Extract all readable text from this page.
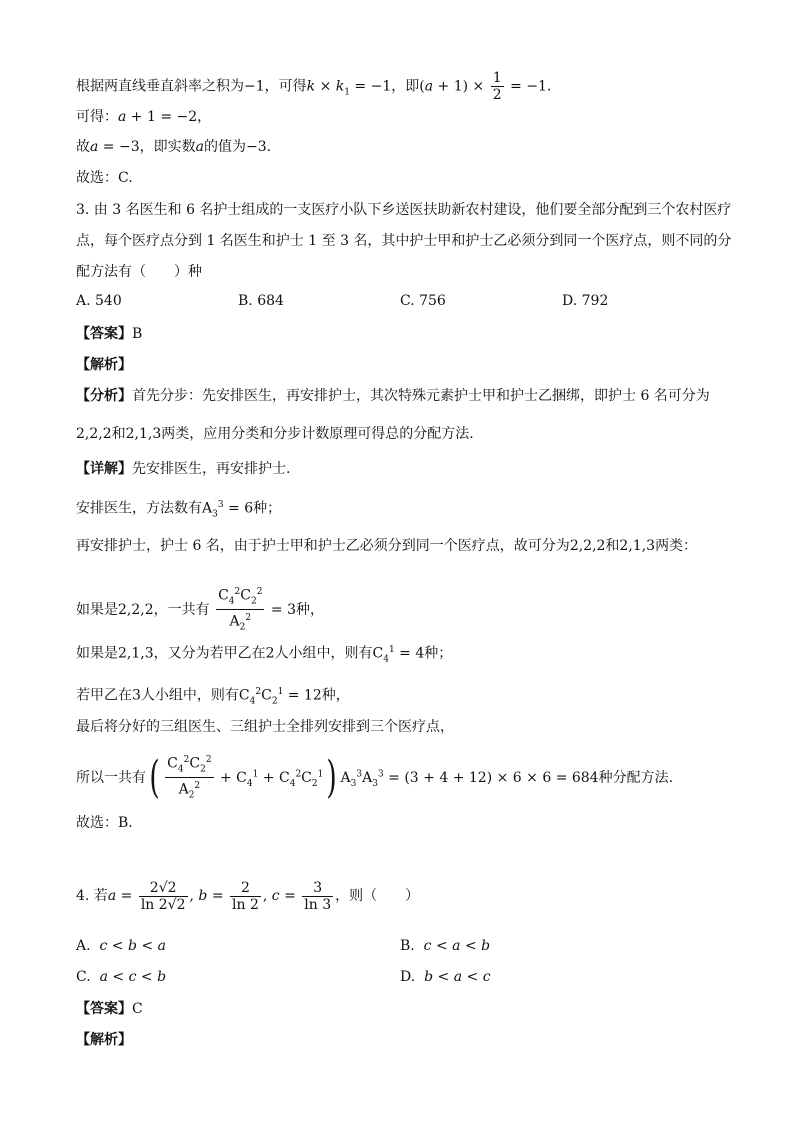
根据两直线垂直斜率之积为−1，可得$k \times k_1 = -1$，即$(a + 1) \times \frac{1}{2} = -1$.
可得：a + 1 = −2，
故a = −3，即实数a的值为−3.
故选：C.
3. 由 3 名医生和 6 名护士组成的一支医疗小队下乡送医扶助新农村建设，他们要全部分配到三个农村医疗
点，每个医疗点分到 1 名医生和护士 1 至 3 名，其中护士甲和护士乙必须分到同一个医疗点，则不同的分
配方法有（　　）种
A. 540	B. 684	C. 756	D. 792
【答案】B
【解析】
【分析】首先分步：先安排医生，再安排护士，其次特殊元素护士甲和护士乙捆绑，即护士 6 名可分为
2,2,2和2,1,3两类，应用分类和分步计数原理可得总的分配方法.
【详解】先安排医生，再安排护士.
安排医生，方法数有$A_3^3 = 6$种；
再安排护士，护士 6 名，由于护士甲和护士乙必须分到同一个医疗点，故可分为2,2,2和2,1,3两类：
如果是2,2,2，一共有 $\frac{C_4^2C_2^2}{A_2^2} = 3$种，
如果是2,1,3，又分为若甲乙在2人小组中，则有$C_4^1 = 4$种；
若甲乙在3人小组中，则有$C_4^2C_2^1 = 12$种，
最后将分好的三组医生、三组护士全排列安排到三个医疗点，
所以一共有( $\frac{C_4^2C_2^2}{A_2^2} + C_4^1 + C_4^2C_2^1$) $A_3^3A_3^3 = (3 + 4 + 12) \times 6 \times 6 = 684$种分配方法.
故选：B.
4. 若$a = \frac{2√2}{\ln 2√2}$ , $b = \frac{2}{\ln 2}$ , $c = \frac{3}{\ln 3}$ ，则（　　）
A. c < b < a	B. c < a < b
C. a < c < b	D. b < a < c
【答案】C
【解析】
